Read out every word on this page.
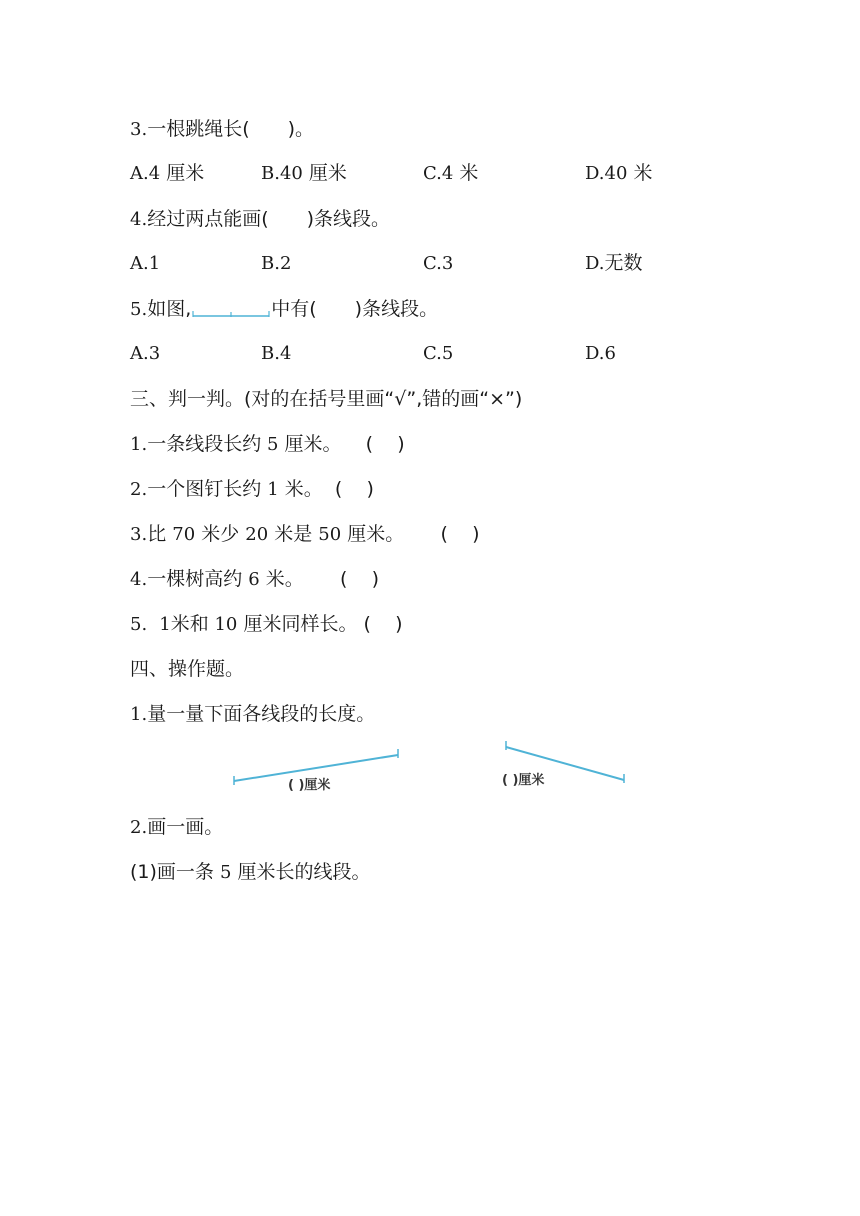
3.一根跳绳长( )。
A.4 厘米	B.40 厘米	C.4 米	D.40 米
4.经过两点能画( )条线段。
A.1	B.2	C.3	D.无数
5.如图,	中有( )条线段。
A.3	B.4	C.5	D.6
三、判一判。(对的在括号里画“√”,错的画“×”)
1.一条线段长约 5 厘米。 ( )
2.一个图钉长约 1 米。 ( )
3.比 70 米少 20 米是 50 厘米。 ( )
4.一棵树高约 6 米。 ( )
5. 1米和 10 厘米同样长。 ( )
四、操作题。
1.量一量下面各线段的长度。
( )厘米	( )厘米
2.画一画。
(1)画一条 5 厘米长的线段。
